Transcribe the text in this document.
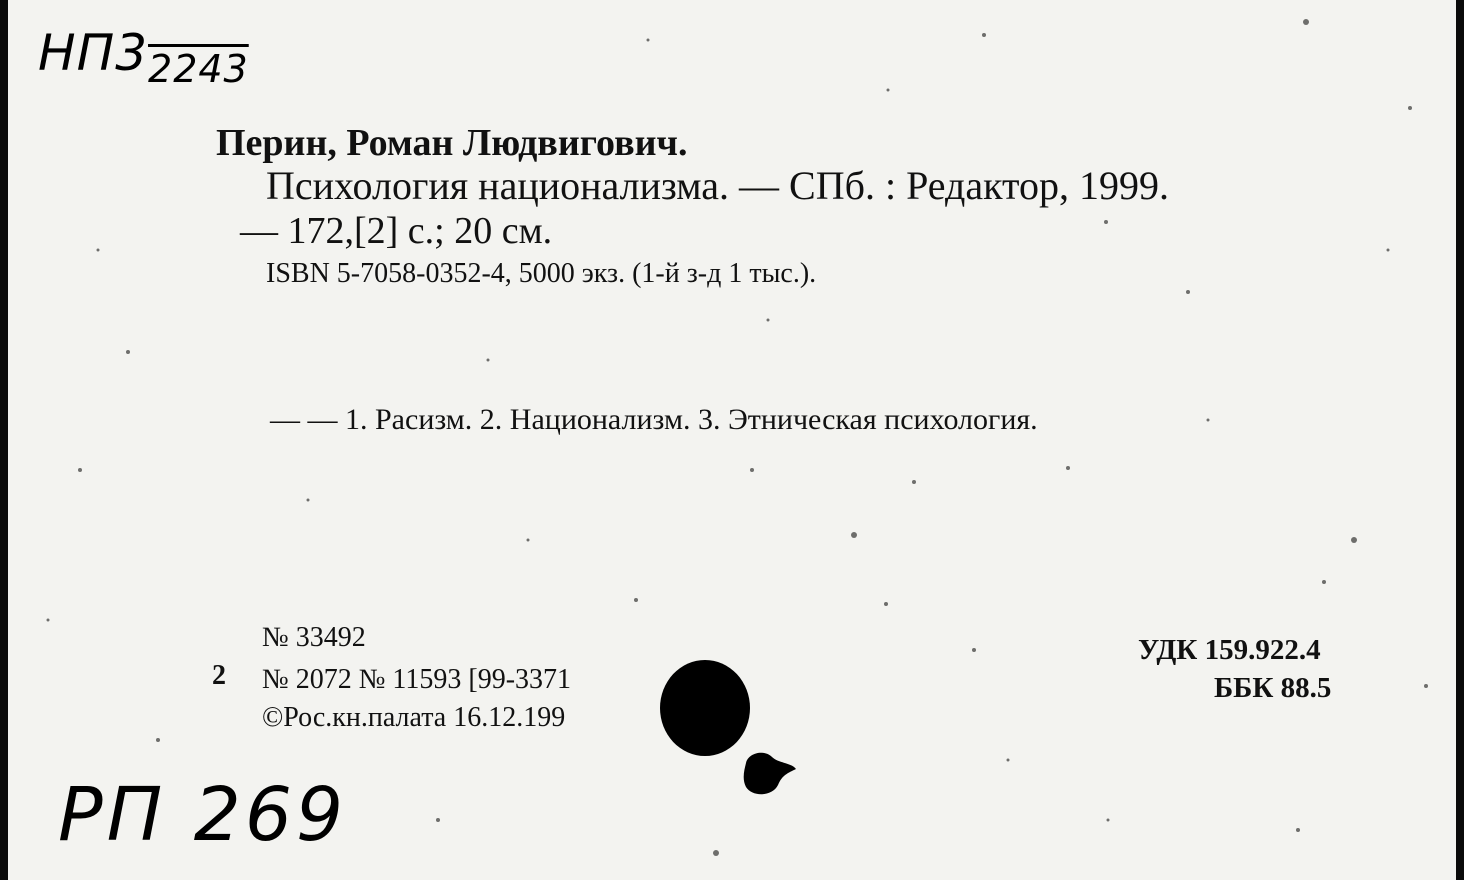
$НП3_{2243}$
Перин, Роман Людвигович.
Психология национализма. — СПб. : Редактор, 1999.
— 172,[2] с.; 20 см.
ISBN 5-7058-0352-4, 5000 экз. (1-й з-д 1 тыс.).
— — 1. Расизм. 2. Национализм. 3. Этническая психология.
№ 33492
2 № 2072 № 11593 [99-3371
©Рос.кн.палата 16.12.199
УДК 159.922.4
ББК 88.5
РП 269
